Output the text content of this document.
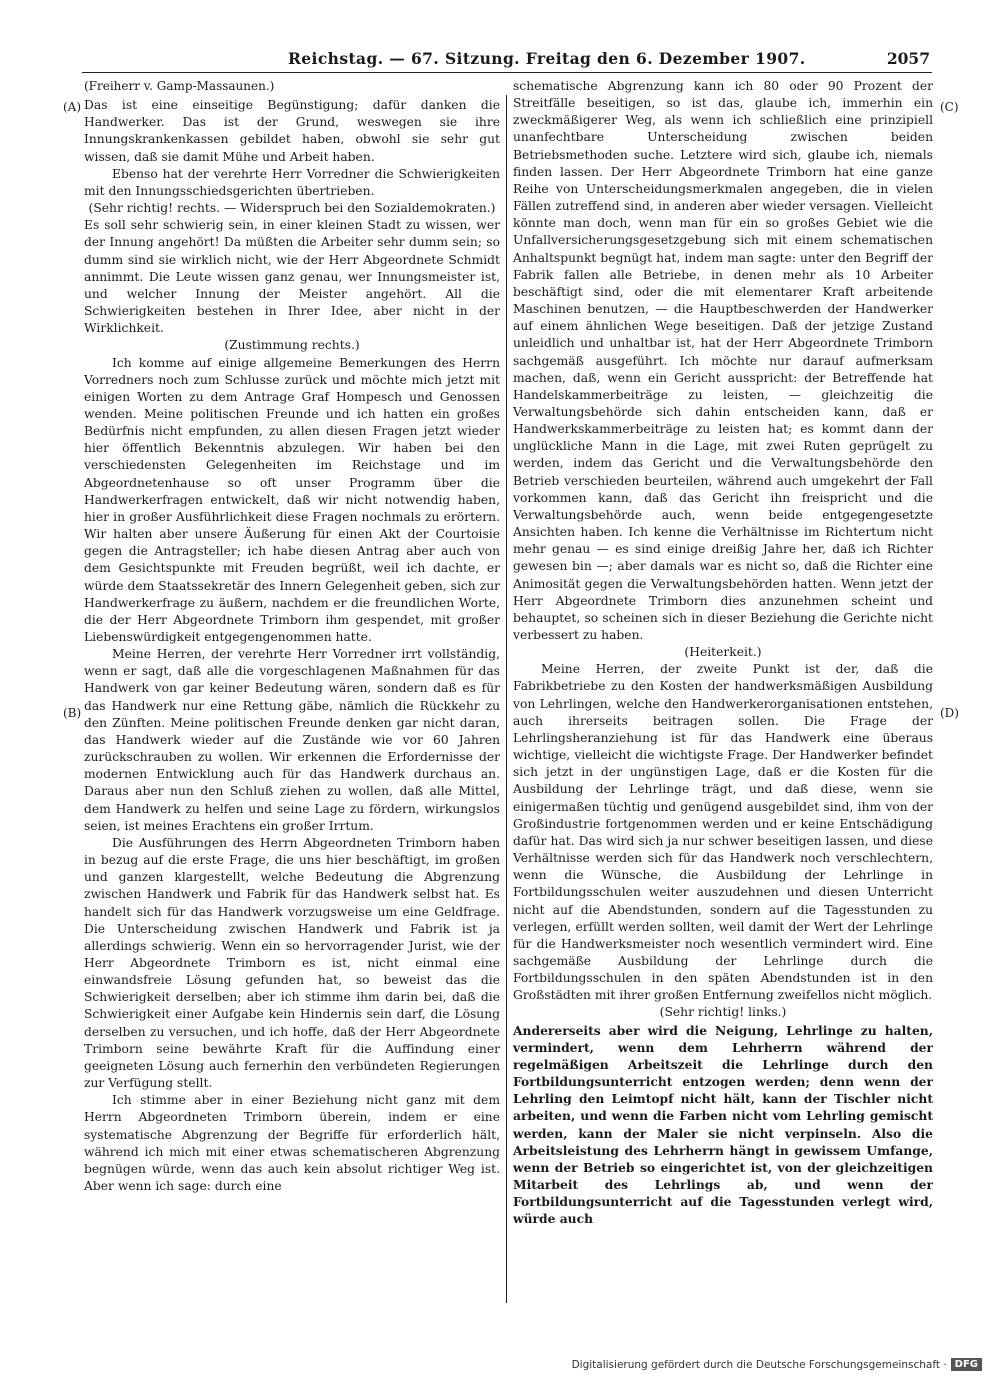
Reichstag. — 67. Sitzung. Freitag den 6. Dezember 1907.	2057
(A)
(B)
(C)
(D)

(Freiherr v. Gamp-Massaunen.)

Das ist eine einseitige Begünstigung; dafür danken die Handwerker. Das ist der Grund, weswegen sie ihre Innungskrankenkassen gebildet haben, obwohl sie sehr gut wissen, daß sie damit Mühe und Arbeit haben.

Ebenso hat der verehrte Herr Vorredner die Schwierigkeiten mit den Innungsschiedsgerichten übertrieben.

(Sehr richtig! rechts. — Widerspruch bei den Sozialdemokraten.)

Es soll sehr schwierig sein, in einer kleinen Stadt zu wissen, wer der Innung angehört! Da müßten die Arbeiter sehr dumm sein; so dumm sind sie wirklich nicht, wie der Herr Abgeordnete Schmidt annimmt. Die Leute wissen ganz genau, wer Innungsmeister ist, und welcher Innung der Meister angehört. All die Schwierigkeiten bestehen in Ihrer Idee, aber nicht in der Wirklichkeit.

(Zustimmung rechts.)

Ich komme auf einige allgemeine Bemerkungen des Herrn Vorredners noch zum Schlusse zurück und möchte mich jetzt mit einigen Worten zu dem Antrage Graf Hompesch und Genossen wenden. Meine politischen Freunde und ich hatten ein großes Bedürfnis nicht empfunden, zu allen diesen Fragen jetzt wieder hier öffentlich Bekenntnis abzulegen. Wir haben bei den verschiedensten Gelegenheiten im Reichstage und im Abgeordnetenhause so oft unser Programm über die Handwerkerfragen entwickelt, daß wir nicht notwendig haben, hier in großer Ausführlichkeit diese Fragen nochmals zu erörtern. Wir halten aber unsere Äußerung für einen Akt der Courtoisie gegen die Antragsteller; ich habe diesen Antrag aber auch von dem Gesichtspunkte mit Freuden begrüßt, weil ich dachte, er würde dem Staatssekretär des Innern Gelegenheit geben, sich zur Handwerkerfrage zu äußern, nachdem er die freundlichen Worte, die der Herr Abgeordnete Trimborn ihm gespendet, mit großer Liebenswürdigkeit entgegengenommen hatte.

Meine Herren, der verehrte Herr Vorredner irrt vollständig, wenn er sagt, daß alle die vorgeschlagenen Maßnahmen für das Handwerk von gar keiner Bedeutung wären, sondern daß es für das Handwerk nur eine Rettung gäbe, nämlich die Rückkehr zu den Zünften. Meine politischen Freunde denken gar nicht daran, das Handwerk wieder auf die Zustände wie vor 60 Jahren zurückschrauben zu wollen. Wir erkennen die Erfordernisse der modernen Entwicklung auch für das Handwerk durchaus an. Daraus aber nun den Schluß ziehen zu wollen, daß alle Mittel, dem Handwerk zu helfen und seine Lage zu fördern, wirkungslos seien, ist meines Erachtens ein großer Irrtum.

Die Ausführungen des Herrn Abgeordneten Trimborn haben in bezug auf die erste Frage, die uns hier beschäftigt, im großen und ganzen klargestellt, welche Bedeutung die Abgrenzung zwischen Handwerk und Fabrik für das Handwerk selbst hat. Es handelt sich für das Handwerk vorzugsweise um eine Geldfrage. Die Unterscheidung zwischen Handwerk und Fabrik ist ja allerdings schwierig. Wenn ein so hervorragender Jurist, wie der Herr Abgeordnete Trimborn es ist, nicht einmal eine einwandsfreie Lösung gefunden hat, so beweist das die Schwierigkeit derselben; aber ich stimme ihm darin bei, daß die Schwierigkeit einer Aufgabe kein Hindernis sein darf, die Lösung derselben zu versuchen, und ich hoffe, daß der Herr Abgeordnete Trimborn seine bewährte Kraft für die Auffindung einer geeigneten Lösung auch fernerhin den verbündeten Regierungen zur Verfügung stellt.

Ich stimme aber in einer Beziehung nicht ganz mit dem Herrn Abgeordneten Trimborn überein, indem er eine systematische Abgrenzung der Begriffe für erforderlich hält, während ich mich mit einer etwas schematischeren Abgrenzung begnügen würde, wenn das auch kein absolut richtiger Weg ist. Aber wenn ich sage: durch eine

schematische Abgrenzung kann ich 80 oder 90 Prozent der Streitfälle beseitigen, so ist das, glaube ich, immerhin ein zweckmäßigerer Weg, als wenn ich schließlich eine prinzipiell unanfechtbare Unterscheidung zwischen beiden Betriebsmethoden suche. Letztere wird sich, glaube ich, niemals finden lassen. Der Herr Abgeordnete Trimborn hat eine ganze Reihe von Unterscheidungsmerkmalen angegeben, die in vielen Fällen zutreffend sind, in anderen aber wieder versagen. Vielleicht könnte man doch, wenn man für ein so großes Gebiet wie die Unfallversicherungsgesetzgebung sich mit einem schematischen Anhaltspunkt begnügt hat, indem man sagte: unter den Begriff der Fabrik fallen alle Betriebe, in denen mehr als 10 Arbeiter beschäftigt sind, oder die mit elementarer Kraft arbeitende Maschinen benutzen, — die Hauptbeschwerden der Handwerker auf einem ähnlichen Wege beseitigen. Daß der jetzige Zustand unleidlich und unhaltbar ist, hat der Herr Abgeordnete Trimborn sachgemäß ausgeführt. Ich möchte nur darauf aufmerksam machen, daß, wenn ein Gericht ausspricht: der Betreffende hat Handelskammerbeiträge zu leisten, — gleichzeitig die Verwaltungsbehörde sich dahin entscheiden kann, daß er Handwerkskammerbeiträge zu leisten hat; es kommt dann der unglückliche Mann in die Lage, mit zwei Ruten geprügelt zu werden, indem das Gericht und die Verwaltungsbehörde den Betrieb verschieden beurteilen, während auch umgekehrt der Fall vorkommen kann, daß das Gericht ihn freispricht und die Verwaltungsbehörde auch, wenn beide entgegengesetzte Ansichten haben. Ich kenne die Verhältnisse im Richtertum nicht mehr genau — es sind einige dreißig Jahre her, daß ich Richter gewesen bin —; aber damals war es nicht so, daß die Richter eine Animosität gegen die Verwaltungsbehörden hatten. Wenn jetzt der Herr Abgeordnete Trimborn dies anzunehmen scheint und behauptet, so scheinen sich in dieser Beziehung die Gerichte nicht verbessert zu haben.

(Heiterkeit.)

Meine Herren, der zweite Punkt ist der, daß die Fabrikbetriebe zu den Kosten der handwerksmäßigen Ausbildung von Lehrlingen, welche den Handwerkerorganisationen entstehen, auch ihrerseits beitragen sollen. Die Frage der Lehrlingsheranziehung ist für das Handwerk eine überaus wichtige, vielleicht die wichtigste Frage. Der Handwerker befindet sich jetzt in der ungünstigen Lage, daß er die Kosten für die Ausbildung der Lehrlinge trägt, und daß diese, wenn sie einigermaßen tüchtig und genügend ausgebildet sind, ihm von der Großindustrie fortgenommen werden und er keine Entschädigung dafür hat. Das wird sich ja nur schwer beseitigen lassen, und diese Verhältnisse werden sich für das Handwerk noch verschlechtern, wenn die Wünsche, die Ausbildung der Lehrlinge in Fortbildungsschulen weiter auszudehnen und diesen Unterricht nicht auf die Abendstunden, sondern auf die Tagesstunden zu verlegen, erfüllt werden sollten, weil damit der Wert der Lehrlinge für die Handwerksmeister noch wesentlich vermindert wird. Eine sachgemäße Ausbildung der Lehrlinge durch die Fortbildungsschulen in den späten Abendstunden ist in den Großstädten mit ihrer großen Entfernung zweifellos nicht möglich.

(Sehr richtig! links.)

Andererseits aber wird die Neigung, Lehrlinge zu halten, vermindert, wenn dem Lehrherrn während der regelmäßigen Arbeitszeit die Lehrlinge durch den Fortbildungsunterricht entzogen werden; denn wenn der Lehrling den Leimtopf nicht hält, kann der Tischler nicht arbeiten, und wenn die Farben nicht vom Lehrling gemischt werden, kann der Maler sie nicht verpinseln. Also die Arbeitsleistung des Lehrherrn hängt in gewissem Umfange, wenn der Betrieb so eingerichtet ist, von der gleichzeitigen Mitarbeit des Lehrlings ab, und wenn der Fortbildungsunterricht auf die Tagesstunden verlegt wird, würde auch

Digitalisierung gefördert durch die Deutsche Forschungsgemeinschaft · DFG
